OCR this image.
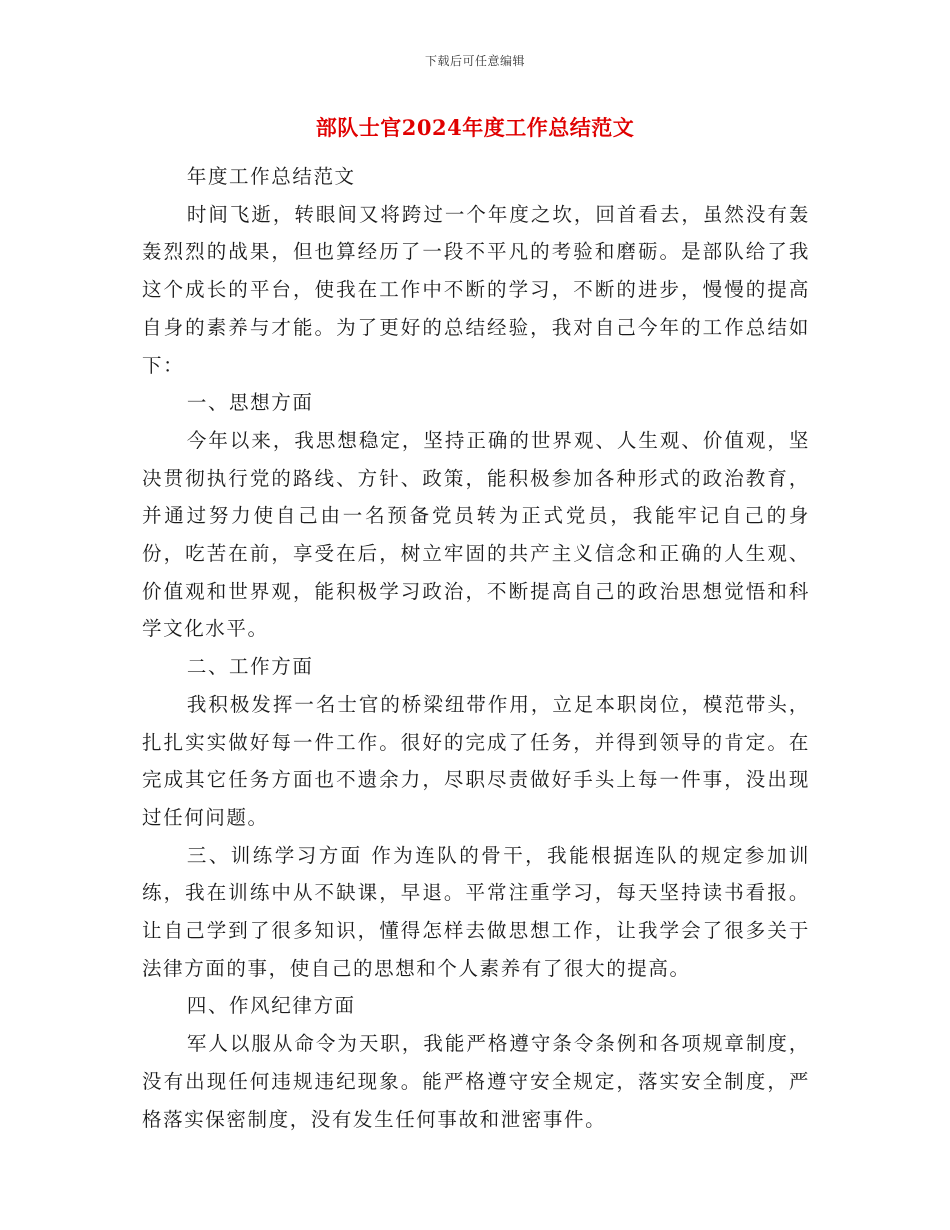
下载后可任意编辑
部队士官2024年度工作总结范文

年度工作总结范文

时间飞逝，转眼间又将跨过一个年度之坎，回首看去，虽然没有轰轰烈烈的战果，但也算经历了一段不平凡的考验和磨砺。是部队给了我这个成长的平台，使我在工作中不断的学习，不断的进步，慢慢的提高自身的素养与才能。为了更好的总结经验，我对自己今年的工作总结如下：

一、思想方面

今年以来，我思想稳定，坚持正确的世界观、人生观、价值观，坚决贯彻执行党的路线、方针、政策，能积极参加各种形式的政治教育，并通过努力使自己由一名预备党员转为正式党员，我能牢记自己的身份，吃苦在前，享受在后，树立牢固的共产主义信念和正确的人生观、价值观和世界观，能积极学习政治，不断提高自己的政治思想觉悟和科学文化水平。

二、工作方面

我积极发挥一名士官的桥梁纽带作用，立足本职岗位，模范带头，扎扎实实做好每一件工作。很好的完成了任务，并得到领导的肯定。在完成其它任务方面也不遗余力，尽职尽责做好手头上每一件事，没出现过任何问题。

三、训练学习方面 作为连队的骨干，我能根据连队的规定参加训练，我在训练中从不缺课，早退。平常注重学习，每天坚持读书看报。让自己学到了很多知识，懂得怎样去做思想工作，让我学会了很多关于法律方面的事，使自己的思想和个人素养有了很大的提高。

四、作风纪律方面

军人以服从命令为天职，我能严格遵守条令条例和各项规章制度，没有出现任何违规违纪现象。能严格遵守安全规定，落实安全制度，严格落实保密制度，没有发生任何事故和泄密事件。
